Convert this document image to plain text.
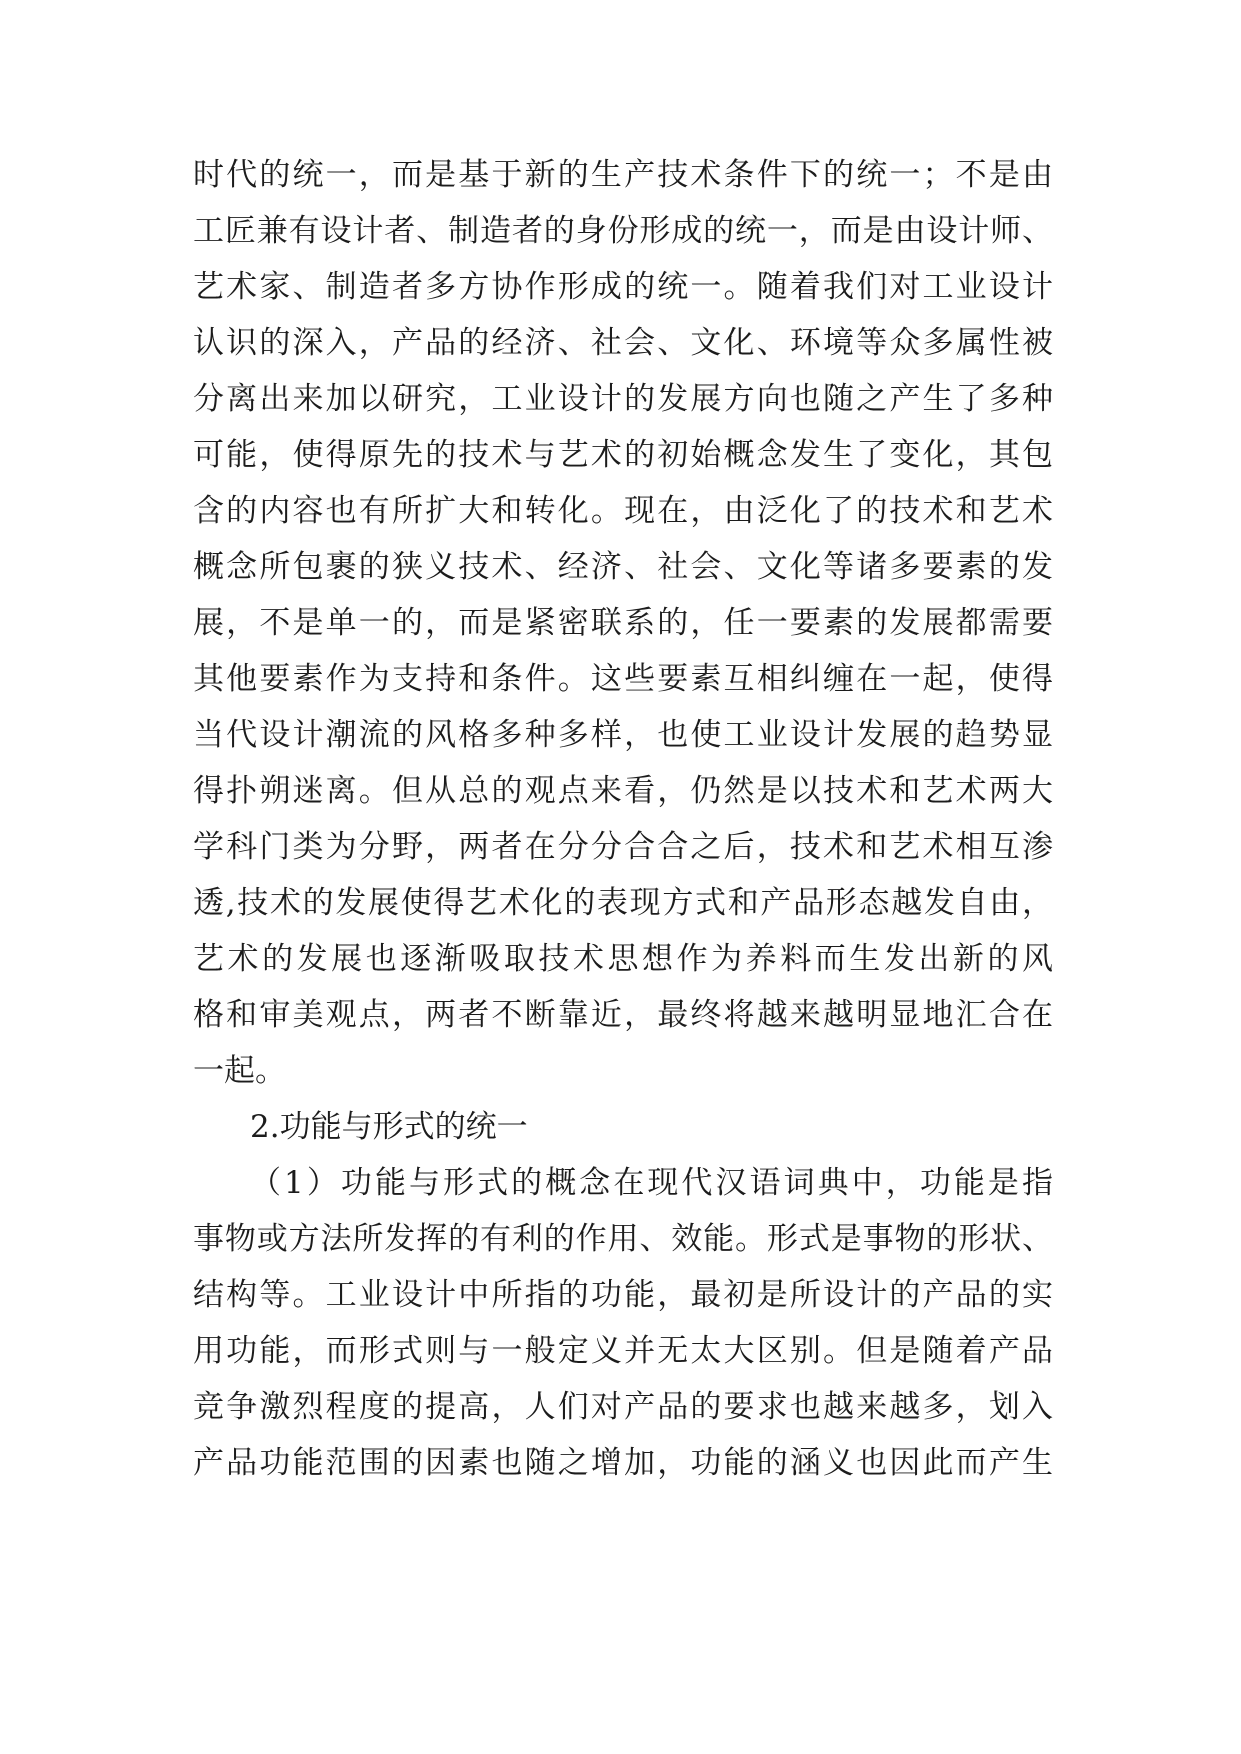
时代的统一，而是基于新的生产技术条件下的统一；不是由
工匠兼有设计者、制造者的身份形成的统一，而是由设计师、
艺术家、制造者多方协作形成的统一。随着我们对工业设计
认识的深入，产品的经济、社会、文化、环境等众多属性被
分离出来加以研究，工业设计的发展方向也随之产生了多种
可能，使得原先的技术与艺术的初始概念发生了变化，其包
含的内容也有所扩大和转化。现在，由泛化了的技术和艺术
概念所包裹的狭义技术、经济、社会、文化等诸多要素的发
展，不是单一的，而是紧密联系的，任一要素的发展都需要
其他要素作为支持和条件。这些要素互相纠缠在一起，使得
当代设计潮流的风格多种多样，也使工业设计发展的趋势显
得扑朔迷离。但从总的观点来看，仍然是以技术和艺术两大
学科门类为分野，两者在分分合合之后，技术和艺术相互渗
透,技术的发展使得艺术化的表现方式和产品形态越发自由，
艺术的发展也逐渐吸取技术思想作为养料而生发出新的风
格和审美观点，两者不断靠近，最终将越来越明显地汇合在
一起。
2.功能与形式的统一
（1）功能与形式的概念在现代汉语词典中，功能是指
事物或方法所发挥的有利的作用、效能。形式是事物的形状、
结构等。工业设计中所指的功能，最初是所设计的产品的实
用功能，而形式则与一般定义并无太大区别。但是随着产品
竞争激烈程度的提高，人们对产品的要求也越来越多，划入
产品功能范围的因素也随之增加，功能的涵义也因此而产生
